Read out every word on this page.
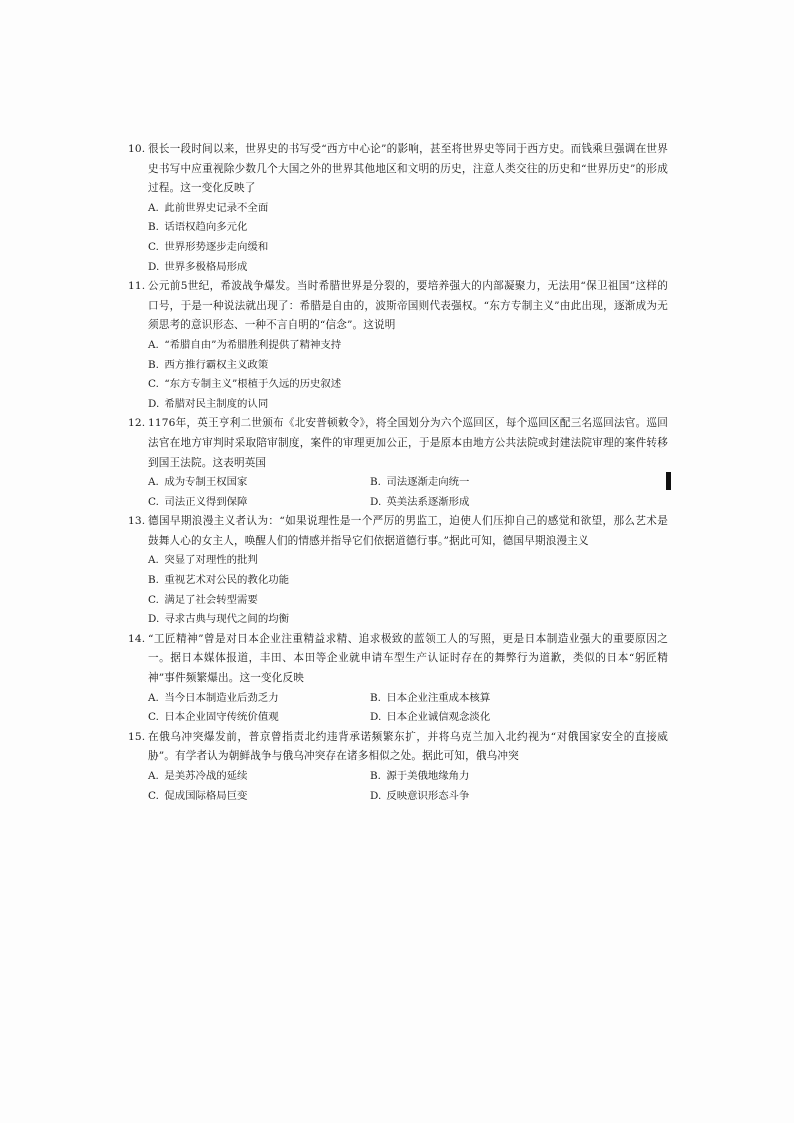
10. 很长一段时间以来，世界史的书写受“西方中心论”的影响，甚至将世界史等同于西方史。而钱乘旦强调在世界史书写中应重视除少数几个大国之外的世界其他地区和文明的历史，注意人类交往的历史和“世界历史”的形成过程。这一变化反映了
A. 此前世界史记录不全面
B. 话语权趋向多元化
C. 世界形势逐步走向缓和
D. 世界多极格局形成
11. 公元前5世纪，希波战争爆发。当时希腊世界是分裂的，要培养强大的内部凝聚力，无法用“保卫祖国”这样的口号，于是一种说法就出现了：希腊是自由的，波斯帝国则代表强权。“东方专制主义”由此出现，逐渐成为无须思考的意识形态、一种不言自明的“信念”。这说明
A. “希腊自由”为希腊胜利提供了精神支持
B. 西方推行霸权主义政策
C. “东方专制主义”根植于久远的历史叙述
D. 希腊对民主制度的认同
12. 1176年，英王亨利二世颁布《北安普顿敕令》，将全国划分为六个巡回区，每个巡回区配三名巡回法官。巡回法官在地方审判时采取陪审制度，案件的审理更加公正，于是原本由地方公共法院或封建法院审理的案件转移到国王法院。这表明英国
A. 成为专制王权国家	B. 司法逐渐走向统一
C. 司法正义得到保障	D. 英美法系逐渐形成
13. 德国早期浪漫主义者认为：“如果说理性是一个严厉的男监工，迫使人们压抑自己的感觉和欲望，那么艺术是鼓舞人心的女主人，唤醒人们的情感并指导它们依据道德行事。”据此可知，德国早期浪漫主义
A. 突显了对理性的批判
B. 重视艺术对公民的教化功能
C. 满足了社会转型需要
D. 寻求古典与现代之间的均衡
14. “工匠精神”曾是对日本企业注重精益求精、追求极致的蓝领工人的写照，更是日本制造业强大的重要原因之一。据日本媒体报道，丰田、本田等企业就申请车型生产认证时存在的舞弊行为道歉，类似的日本“躬匠精神”事件频繁爆出。这一变化反映
A. 当今日本制造业后劲乏力	B. 日本企业注重成本核算
C. 日本企业固守传统价值观	D. 日本企业诚信观念淡化
15. 在俄乌冲突爆发前，普京曾指责北约违背承诺频繁东扩，并将乌克兰加入北约视为“对俄国家安全的直接威胁”。有学者认为朝鲜战争与俄乌冲突存在诸多相似之处。据此可知，俄乌冲突
A. 是美苏冷战的延续	B. 源于美俄地缘角力
C. 促成国际格局巨变	D. 反映意识形态斗争
